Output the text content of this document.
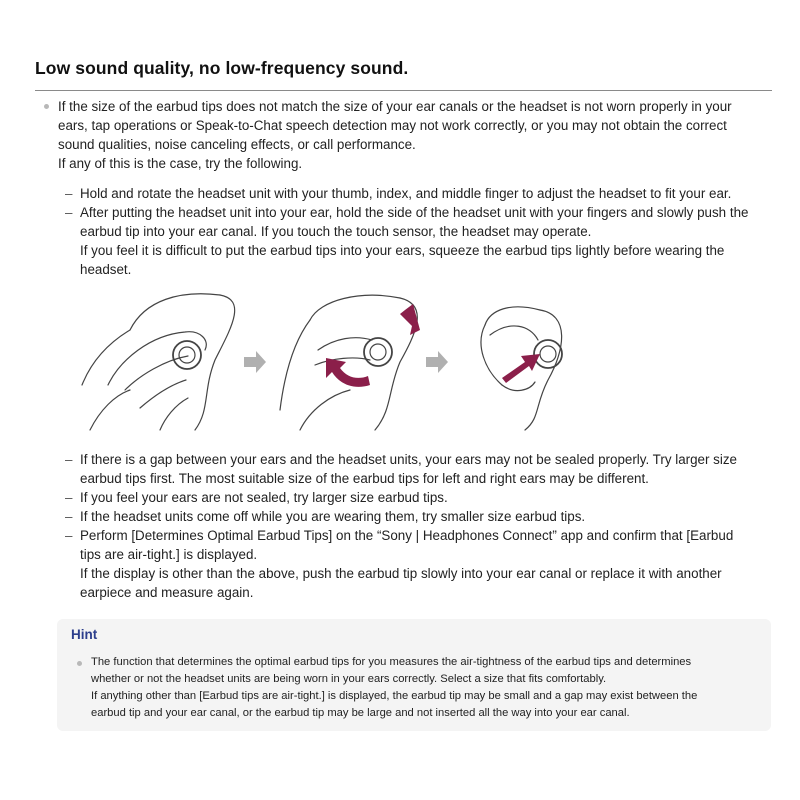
Low sound quality, no low-frequency sound.
If the size of the earbud tips does not match the size of your ear canals or the headset is not worn properly in your
ears, tap operations or Speak-to-Chat speech detection may not work correctly, or you may not obtain the correct
sound qualities, noise canceling effects, or call performance.
If any of this is the case, try the following.
– Hold and rotate the headset unit with your thumb, index, and middle finger to adjust the headset to fit your ear.
– After putting the headset unit into your ear, hold the side of the headset unit with your fingers and slowly push the
earbud tip into your ear canal. If you touch the touch sensor, the headset may operate.
If you feel it is difficult to put the earbud tips into your ears, squeeze the earbud tips lightly before wearing the
headset.
– If there is a gap between your ears and the headset units, your ears may not be sealed properly. Try larger size
earbud tips first. The most suitable size of the earbud tips for left and right ears may be different.
– If you feel your ears are not sealed, try larger size earbud tips.
– If the headset units come off while you are wearing them, try smaller size earbud tips.
– Perform [Determines Optimal Earbud Tips] on the “Sony | Headphones Connect” app and confirm that [Earbud
tips are air-tight.] is displayed.
If the display is other than the above, push the earbud tip slowly into your ear canal or replace it with another
earpiece and measure again.
Hint
The function that determines the optimal earbud tips for you measures the air-tightness of the earbud tips and determines
whether or not the headset units are being worn in your ears correctly. Select a size that fits comfortably.
If anything other than [Earbud tips are air-tight.] is displayed, the earbud tip may be small and a gap may exist between the
earbud tip and your ear canal, or the earbud tip may be large and not inserted all the way into your ear canal.
